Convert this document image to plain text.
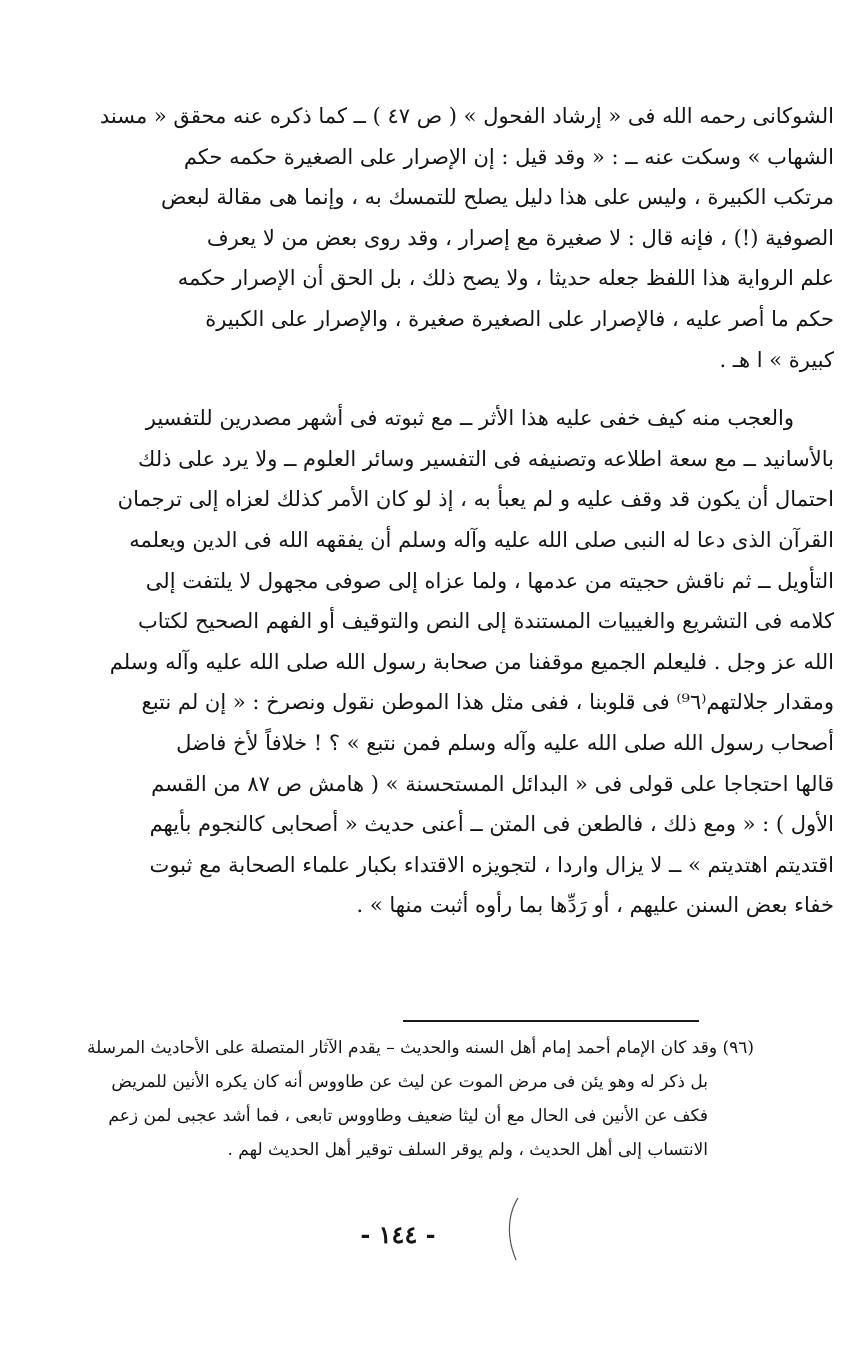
الشوكانى رحمه الله فى « إرشاد الفحول » ( ص ٤٧ ) ــ كما ذكره عنه محقق « مسند
الشهاب » وسكت عنه ــ : « وقد قيل : إن الإصرار على الصغيرة حكمه حكم
مرتكب الكبيرة ، وليس على هذا دليل يصلح للتمسك به ، وإنما هى مقالة لبعض
الصوفية (!) ، فإنه قال : لا صغيرة مع إصرار ، وقد روى بعض من لا يعرف
علم الرواية هذا اللفظ جعله حديثا ، ولا يصح ذلك ، بل الحق أن الإصرار حكمه
حكم ما أصر عليه ، فالإصرار على الصغيرة صغيرة ، والإصرار على الكبيرة
كبيرة » ا هـ .
والعجب منه كيف خفى عليه هذا الأثر ــ مع ثبوته فى أشهر مصدرين للتفسير
بالأسانيد ــ مع سعة اطلاعه وتصنيفه فى التفسير وسائر العلوم ــ ولا يرد على ذلك
احتمال أن يكون قد وقف عليه و لم يعبأ به ، إذ لو كان الأمر كذلك لعزاه إلى ترجمان
القرآن الذى دعا له النبى صلى الله عليه وآله وسلم أن يفقهه الله فى الدين ويعلمه
التأويل ــ ثم ناقش حجيته من عدمها ، ولما عزاه إلى صوفى مجهول لا يلتفت إلى
كلامه فى التشريع والغيبيات المستندة إلى النص والتوقيف أو الفهم الصحيح لكتاب
الله عز وجل . فليعلم الجميع موقفنا من صحابة رسول الله صلى الله عليه وآله وسلم
ومقدار جلالتهم⁽⁹٦⁾ فى قلوبنا ، ففى مثل هذا الموطن نقول ونصرخ : « إن لم نتبع
أصحاب رسول الله صلى الله عليه وآله وسلم فمن نتبع » ؟ ! خلافاً لأخ فاضل
قالها احتجاجا على قولى فى « البدائل المستحسنة » ( هامش ص ٨٧ من القسم
الأول ) : « ومع ذلك ، فالطعن فى المتن ــ أعنى حديث « أصحابى كالنجوم بأيهم
اقتديتم اهتديتم » ــ لا يزال واردا ، لتجويزه الاقتداء بكبار علماء الصحابة مع ثبوت
خفاء بعض السنن عليهم ، أو رَدِّها بما رأوه أثبت منها » .
(٩٦) وقد كان الإمام أحمد إمام أهل السنه والحديث – يقدم الآثار المتصلة على الأحاديث المرسلة
بل ذكر له وهو يئن فى مرض الموت عن ليث عن طاووس أنه كان يكره الأنين للمريض
فكف عن الأنين فى الحال مع أن ليثا ضعيف وطاووس تابعى ، فما أشد عجبى لمن زعم
الانتساب إلى أهل الحديث ، ولم يوقر السلف توقير أهل الحديث لهم .
- ١٤٤ -
